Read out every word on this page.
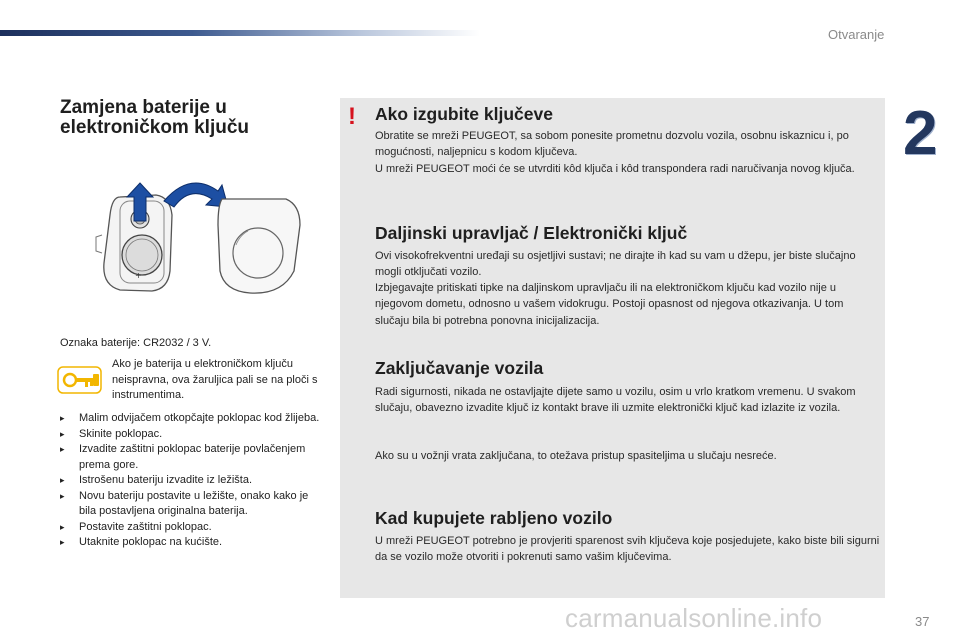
Otvaranje
2
Zamjena baterije u
elektroničkom ključu
+
Oznaka baterije: CR2032 / 3 V.
Ako je baterija u elektroničkom ključu neispravna, ova žaruljica pali se na ploči s instrumentima.
▸ Malim odvijačem otkopčajte poklopac kod žlijeba.
▸ Skinite poklopac.
▸ Izvadite zaštitni poklopac baterije povlačenjem prema gore.
▸ Istrošenu bateriju izvadite iz ležišta.
▸ Novu bateriju postavite u ležište, onako kako je bila postavljena originalna baterija.
▸ Postavite zaštitni poklopac.
▸ Utaknite poklopac na kućište.
! Ako izgubite ključeve

Obratite se mreži PEUGEOT, sa sobom ponesite prometnu dozvolu vozila, osobnu iskaznicu i, po mogućnosti, naljepnicu s kodom ključeva.

U mreži PEUGEOT moći će se utvrditi kôd ključa i kôd transpondera radi naručivanja novog ključa.

Daljinski upravljač / Elektronički ključ

Ovi visokofrekventni uređaji su osjetljivi sustavi; ne dirajte ih kad su vam u džepu, jer biste slučajno mogli otključati vozilo.

Izbjegavajte pritiskati tipke na daljinskom upravljaču ili na elektroničkom ključu kad vozilo nije u njegovom dometu, odnosno u vašem vidokrugu. Postoji opasnost od njegova otkazivanja. U tom slučaju bila bi potrebna ponovna inicijalizacija.

Zaključavanje vozila

Radi sigurnosti, nikada ne ostavljajte dijete samo u vozilu, osim u vrlo kratkom vremenu. U svakom slučaju, obavezno izvadite ključ iz kontakt brave ili uzmite elektronički ključ kad izlazite iz vozila.

Ako su u vožnji vrata zaključana, to otežava pristup spasiteljima u slučaju nesreće.

Kad kupujete rabljeno vozilo

U mreži PEUGEOT potrebno je provjeriti sparenost svih ključeva koje posjedujete, kako biste bili sigurni da se vozilo može otvoriti i pokrenuti samo vašim ključevima.

carmanualsonline.info	37
